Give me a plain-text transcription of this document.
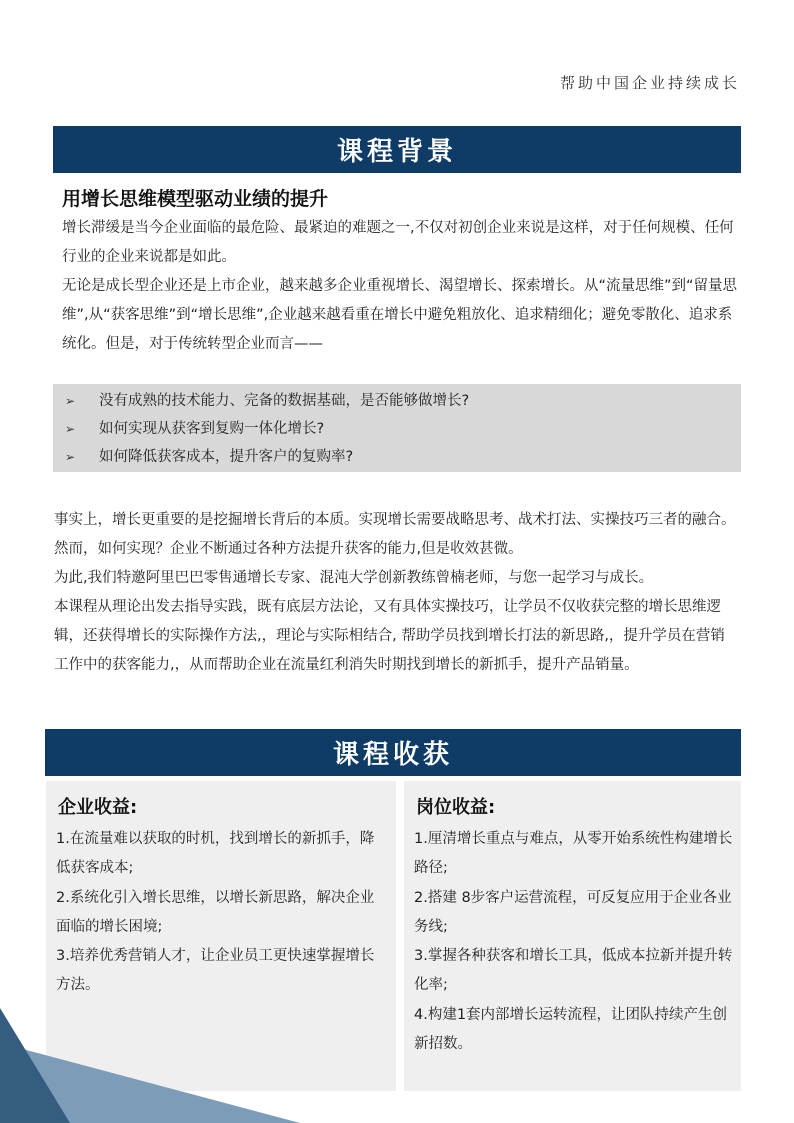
帮助中国企业持续成长
课程背景
用增长思维模型驱动业绩的提升

增长滞缓是当今企业面临的最危险、最紧迫的难题之一,不仅对初创企业来说是这样，对于任何规模、任何行业的企业来说都是如此。

无论是成长型企业还是上市企业，越来越多企业重视增长、渴望增长、探索增长。从“流量思维”到“留量思维”,从“获客思维”到“增长思维”,企业越来越看重在增长中避免粗放化、追求精细化；避免零散化、追求系统化。但是，对于传统转型企业而言——

➢	没有成熟的技术能力、完备的数据基础，是否能够做增长?
➢	如何实现从获客到复购一体化增长?
➢	如何降低获客成本，提升客户的复购率?
事实上，增长更重要的是挖掘增长背后的本质。实现增长需要战略思考、战术打法、实操技巧三者的融合。然而，如何实现？企业不断通过各种方法提升获客的能力,但是收效甚微。
为此,我们特邀阿里巴巴零售通增长专家、混沌大学创新教练曾楠老师，与您一起学习与成长。
本课程从理论出发去指导实践，既有底层方法论，又有具体实操技巧，让学员不仅收获完整的增长思维逻辑，还获得增长的实际操作方法,，理论与实际相结合, 帮助学员找到增长打法的新思路,，提升学员在营销工作中的获客能力,，从而帮助企业在流量红利消失时期找到增长的新抓手，提升产品销量。
课程收获
企业收益:
1.在流量难以获取的时机，找到增长的新抓手，降低获客成本;
2.系统化引入增长思维，以增长新思路，解决企业面临的增长困境;
3.培养优秀营销人才，让企业员工更快速掌握增长方法。
岗位收益:
1.厘清增长重点与难点，从零开始系统性构建增长路径;
2.搭建 8步客户运营流程，可反复应用于企业各业务线;
3.掌握各种获客和增长工具，低成本拉新并提升转化率;
4.构建1套内部增长运转流程，让团队持续产生创新招数。
